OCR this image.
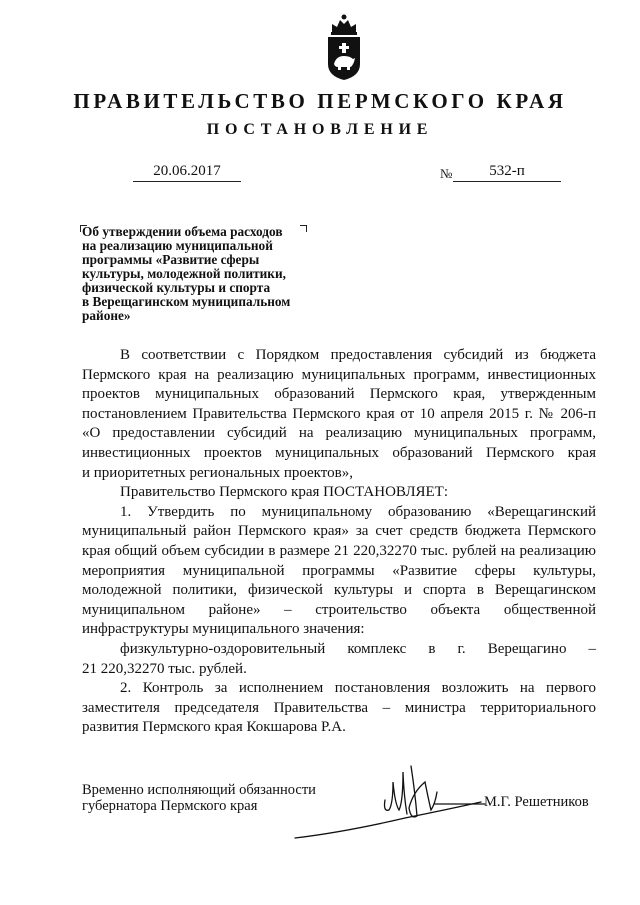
ПРАВИТЕЛЬСТВО ПЕРМСКОГО КРАЯ
ПОСТАНОВЛЕНИЕ
20.06.2017	№	532-п
Об утверждении объема расходов
на реализацию муниципальной
программы «Развитие сферы
культуры, молодежной политики,
физической культуры и спорта
в Верещагинском муниципальном
районе»

В соответствии с Порядком предоставления субсидий из бюджета

Пермского края на реализацию муниципальных программ, инвестиционных

проектов муниципальных образований Пермского края, утвержденным

постановлением Правительства Пермского края от 10 апреля 2015 г. № 206-п

«О предоставлении субсидий на реализацию муниципальных программ,

инвестиционных проектов муниципальных образований Пермского края

и приоритетных региональных проектов»,

Правительство Пермского края ПОСТАНОВЛЯЕТ:

1. Утвердить по муниципальному образованию «Верещагинский

муниципальный район Пермского края» за счет средств бюджета Пермского

края общий объем субсидии в размере 21 220,32270 тыс. рублей на реализацию

мероприятия муниципальной программы «Развитие сферы культуры,

молодежной политики, физической культуры и спорта в Верещагинском

муниципальном районе» – строительство объекта общественной

инфраструктуры муниципального значения:

физкультурно-оздоровительный комплекс в г. Верещагино –

21 220,32270 тыс. рублей.

2. Контроль за исполнением постановления возложить на первого

заместителя председателя Правительства – министра территориального

развития Пермского края Кокшарова Р.А.

Временно исполняющий обязанности
губернатора Пермского края	М.Г. Решетников
